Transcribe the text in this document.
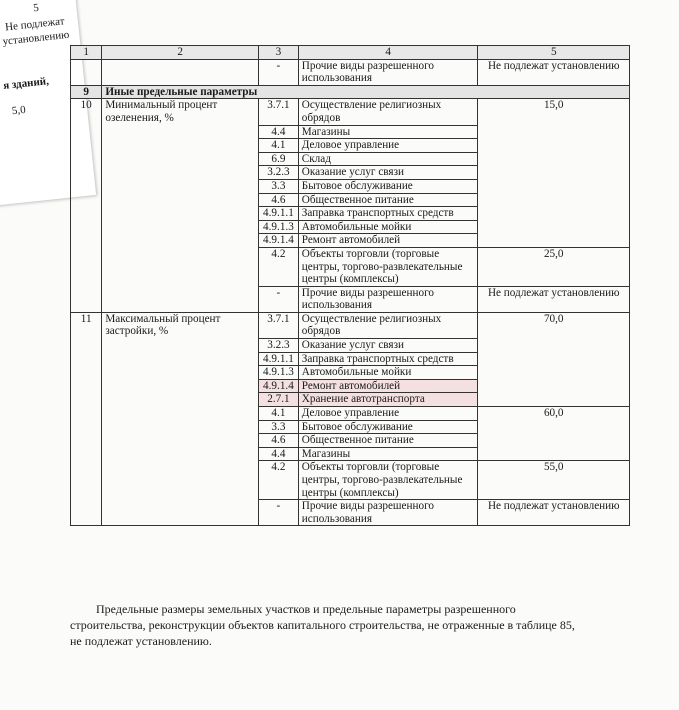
5
Не подлежат
установлению
я зданий,
5,0
1	2	3	4	5
		-	Прочие виды разрешенного использования	Не подлежат установлению
9	Иные предельные параметры			
10	Минимальный процент озеленения, %	3.7.1	Осуществление религиозных обрядов	15,0
		4.4	Магазины	
		4.1	Деловое управление	
		6.9	Склад	
		3.2.3	Оказание услуг связи	
		3.3	Бытовое обслуживание	
		4.6	Общественное питание	
		4.9.1.1	Заправка транспортных средств	
		4.9.1.3	Автомобильные мойки	
		4.9.1.4	Ремонт автомобилей	
		4.2	Объекты торговли (торговые центры, торгово-развлекательные центры (комплексы)	25,0
		-	Прочие виды разрешенного использования	Не подлежат установлению
11	Максимальный процент застройки, %	3.7.1	Осуществление религиозных обрядов	70,0
		3.2.3	Оказание услуг связи	
		4.9.1.1	Заправка транспортных средств	
		4.9.1.3	Автомобильные мойки	
		4.9.1.4	Ремонт автомобилей	
		2.7.1	Хранение автотранспорта	
		4.1	Деловое управление	60,0
		3.3	Бытовое обслуживание	
		4.6	Общественное питание	
		4.4	Магазины	
		4.2	Объекты торговли (торговые центры, торгово-развлекательные центры (комплексы)	55,0
		-	Прочие виды разрешенного использования	Не подлежат установлению
Предельные размеры земельных участков и предельные параметры разрешенного
строительства, реконструкции объектов капитального строительства, не отраженные в таблице 85,
не подлежат установлению.
